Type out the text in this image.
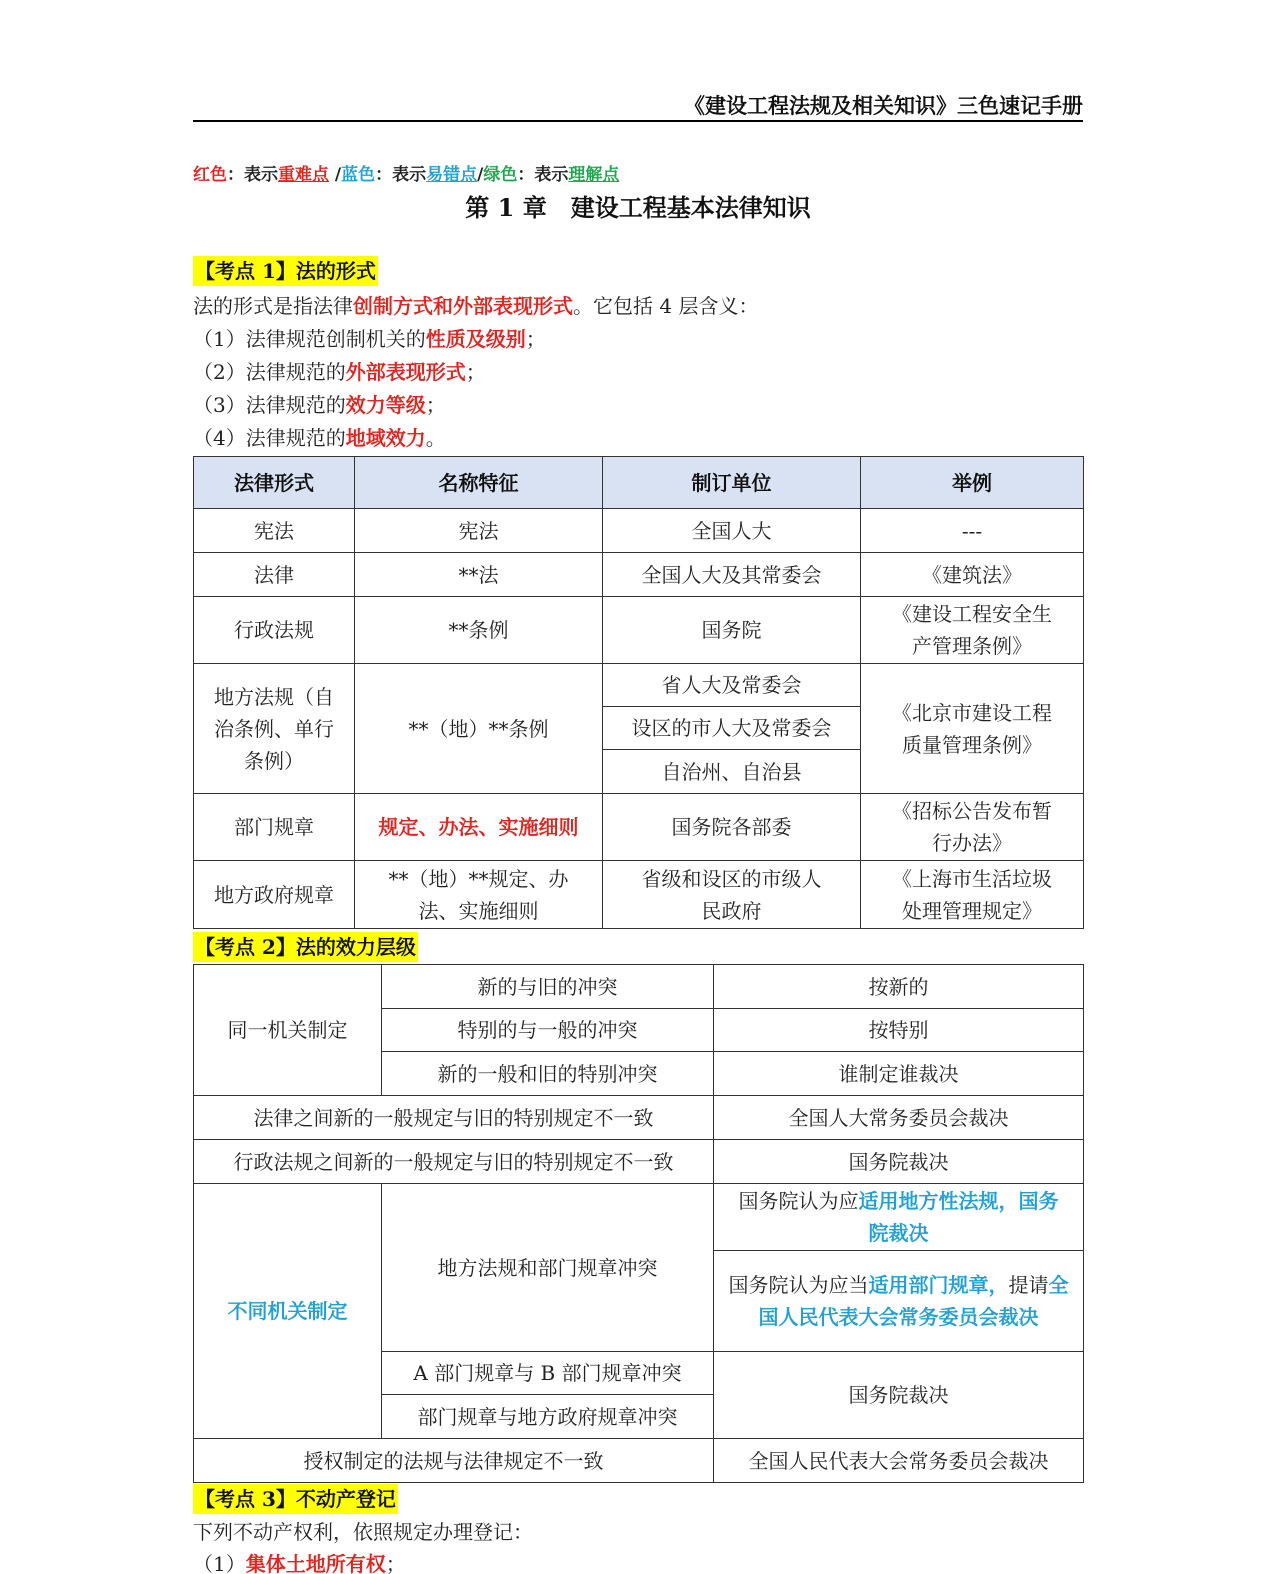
《建设工程法规及相关知识》三色速记手册
红色：表示重难点 /蓝色：表示易错点/绿色：表示理解点
第 1 章　建设工程基本法律知识
【考点 1】法的形式
法的形式是指法律创制方式和外部表现形式。它包括 4 层含义：
（1）法律规范创制机关的性质及级别；
（2）法律规范的外部表现形式；
（3）法律规范的效力等级；
（4）法律规范的地域效力。
法律形式	名称特征	制订单位	举例
宪法	宪法	全国人大	---
法律	**法	全国人大及其常委会	《建筑法》
行政法规	**条例	国务院	《建设工程安全生产管理条例》
地方法规（自治条例、单行条例）	**（地）**条例	省人大及常委会	《北京市建设工程质量管理条例》
		设区的市人大及常委会	
		自治州、自治县	
部门规章	规定、办法、实施细则	国务院各部委	《招标公告发布暂行办法》
地方政府规章	**（地）**规定、办法、实施细则	省级和设区的市级人民政府	《上海市生活垃圾处理管理规定》
【考点 2】法的效力层级
同一机关制定	新的与旧的冲突	按新的
	特别的与一般的冲突	按特别
	新的一般和旧的特别冲突	谁制定谁裁决
法律之间新的一般规定与旧的特别规定不一致		全国人大常务委员会裁决
行政法规之间新的一般规定与旧的特别规定不一致		国务院裁决
不同机关制定	地方法规和部门规章冲突	国务院认为应适用地方性法规，国务院裁决
		国务院认为应当适用部门规章，提请全国人民代表大会常务委员会裁决
	A 部门规章与 B 部门规章冲突	国务院裁决
	部门规章与地方政府规章冲突	
授权制定的法规与法律规定不一致		全国人民代表大会常务委员会裁决
【考点 3】不动产登记
下列不动产权利，依照规定办理登记：
（1）集体土地所有权；
